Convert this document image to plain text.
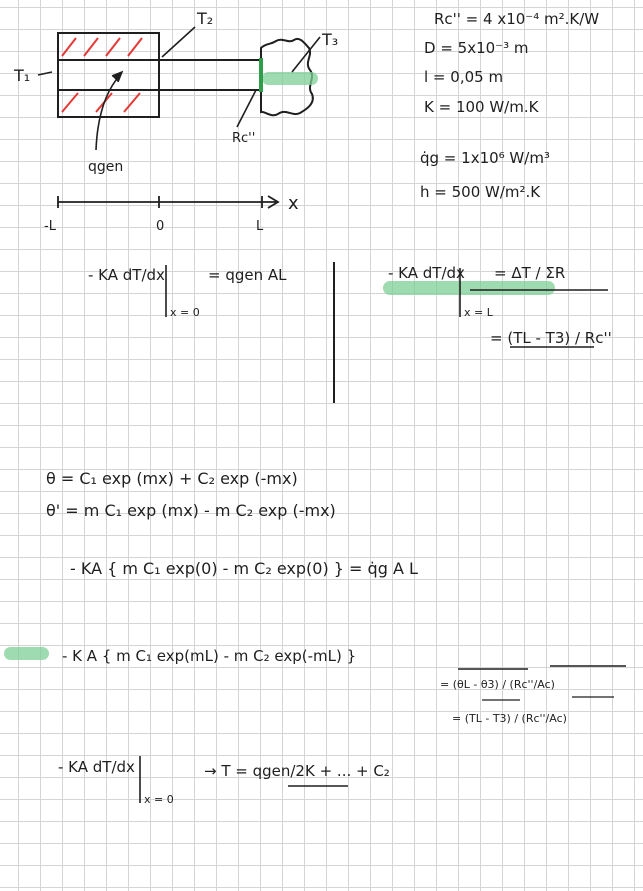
T₁
T₂
T₃
Rc''
qgen
x
-L	0	L
Rc'' = 4 x10⁻⁴ m².K/W
D = 5x10⁻³ m
l = 0,05 m
K = 100 W/m.K
q̇g = 1x10⁶ W/m³
h = 500 W/m².K
- KA dT/dx
x = 0
= qgen AL	- KA dT/dx
x = L
= ΔT / ΣR
= (TL - T3) / Rc''
θ = C₁ exp (mx) + C₂ exp (-mx)
θ' = m C₁ exp (mx) - m C₂ exp (-mx)
- KA { m C₁ exp(0) - m C₂ exp(0) } = q̇g A L
- K A { m C₁ exp(mL) - m C₂ exp(-mL) }
= (θL - θ3) / (Rc''/Ac)
= (TL - T3) / (Rc''/Ac)
- KA dT/dx
x = 0
→ T = qgen/2K + ... + C₂
